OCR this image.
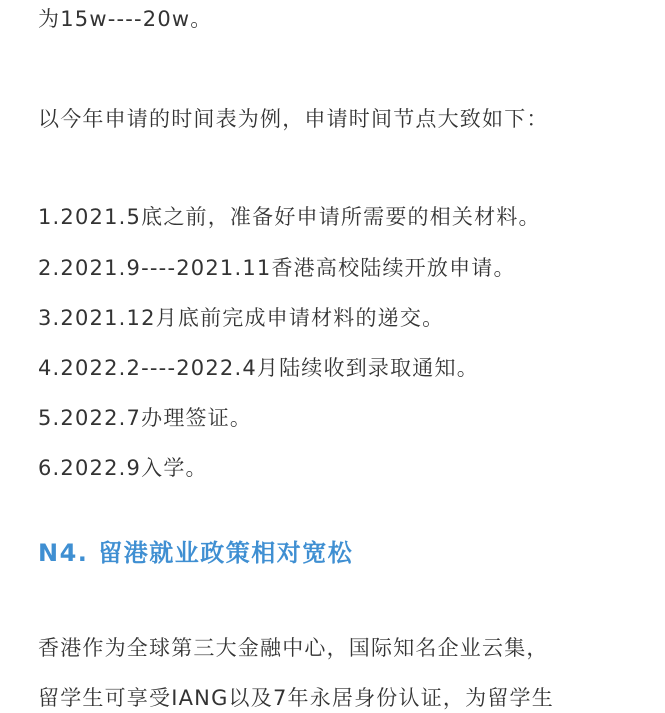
为15w----20w。
以今年申请的时间表为例，申请时间节点大致如下：
1.2021.5底之前，准备好申请所需要的相关材料。
2.2021.9----2021.11香港高校陆续开放申请。
3.2021.12月底前完成申请材料的递交。
4.2022.2----2022.4月陆续收到录取通知。
5.2022.7办理签证。
6.2022.9入学。
N4. 留港就业政策相对宽松
香港作为全球第三大金融中心，国际知名企业云集，
留学生可享受IANG以及7年永居身份认证，为留学生
